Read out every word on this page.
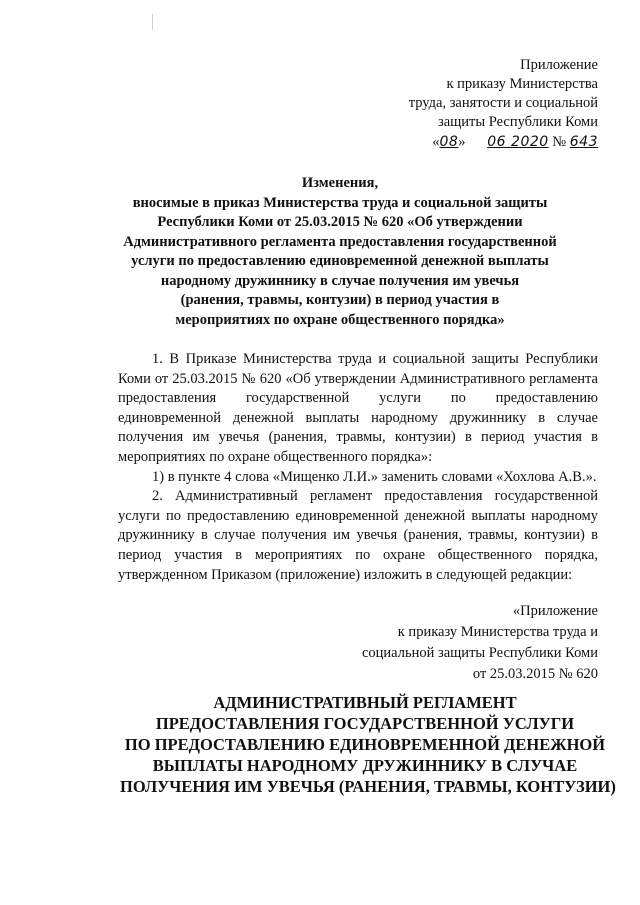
Приложение
к приказу Министерства
труда, занятости и социальной
защиты Республики Коми
«08» 06 2020 № 643
Изменения,
вносимые в приказ Министерства труда и социальной защиты
Республики Коми от 25.03.2015 № 620 «Об утверждении
Административного регламента предоставления государственной
услуги по предоставлению единовременной денежной выплаты
народному дружиннику в случае получения им увечья
(ранения, травмы, контузии) в период участия в
мероприятиях по охране общественного порядка»

1. В Приказе Министерства труда и социальной защиты Республики Коми от 25.03.2015 № 620 «Об утверждении Административного регламента предоставления государственной услуги по предоставлению единовременной денежной выплаты народному дружиннику в случае получения им увечья (ранения, травмы, контузии) в период участия в мероприятиях по охране общественного порядка»:

1) в пункте 4 слова «Мищенко Л.И.» заменить словами «Хохлова А.В.».

2. Административный регламент предоставления государственной услуги по предоставлению единовременной денежной выплаты народному дружиннику в случае получения им увечья (ранения, травмы, контузии) в период участия в мероприятиях по охране общественного порядка, утвержденном Приказом (приложение) изложить в следующей редакции:

«Приложение
к приказу Министерства труда и
социальной защиты Республики Коми
от 25.03.2015 № 620
АДМИНИСТРАТИВНЫЙ РЕГЛАМЕНТ
ПРЕДОСТАВЛЕНИЯ ГОСУДАРСТВЕННОЙ УСЛУГИ
ПО ПРЕДОСТАВЛЕНИЮ ЕДИНОВРЕМЕННОЙ ДЕНЕЖНОЙ
ВЫПЛАТЫ НАРОДНОМУ ДРУЖИННИКУ В СЛУЧАЕ
ПОЛУЧЕНИЯ ИМ УВЕЧЬЯ (РАНЕНИЯ, ТРАВМЫ, КОНТУЗИИ)
